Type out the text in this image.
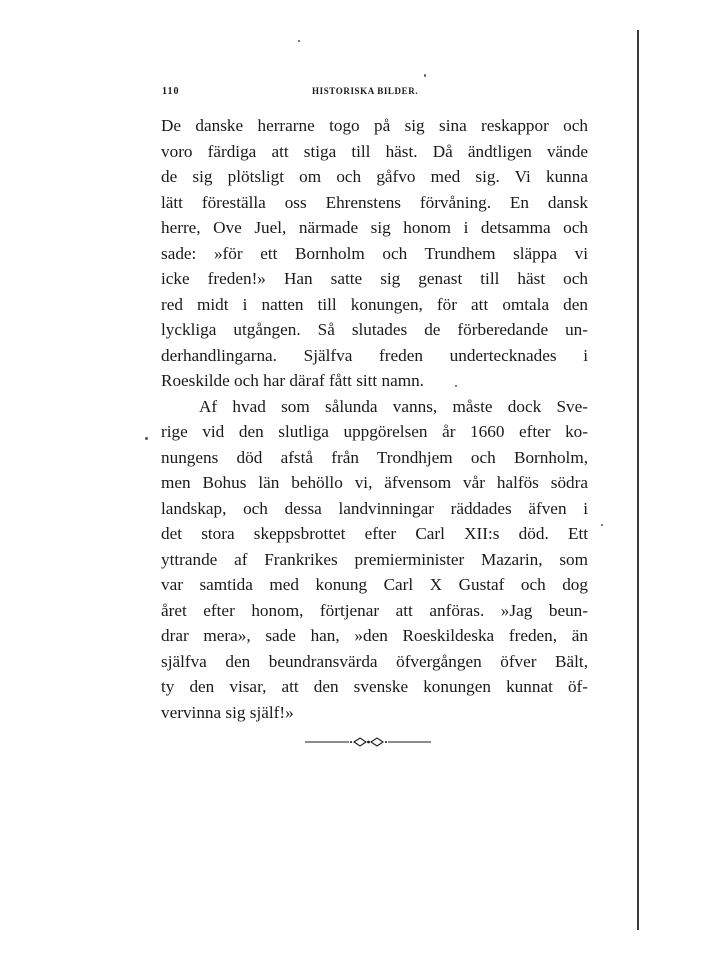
110	HISTORISKA BILDER.
De danske herrarne togo på sig sina reskappor och
voro färdiga att stiga till häst. Då ändtligen vände
de sig plötsligt om och gåfvo med sig. Vi kunna
lätt föreställa oss Ehrenstens förvåning. En dansk
herre, Ove Juel, närmade sig honom i detsamma och
sade: »för ett Bornholm och Trundhem släppa vi
icke freden!» Han satte sig genast till häst och
red midt i natten till konungen, för att omtala den
lyckliga utgången. Så slutades de förberedande un-
derhandlingarna. Själfva freden undertecknades i
Roeskilde och har däraf fått sitt namn.
Af hvad som sålunda vanns, måste dock Sve-
rige vid den slutliga uppgörelsen år 1660 efter ko-
nungens död afstå från Trondhjem och Bornholm,
men Bohus län behöllo vi, äfvensom vår halfös södra
landskap, och dessa landvinningar räddades äfven i
det stora skeppsbrottet efter Carl XII:s död. Ett
yttrande af Frankrikes premierminister Mazarin, som
var samtida med konung Carl X Gustaf och dog
året efter honom, förtjenar att anföras. »Jag beun-
drar mera», sade han, »den Roeskildeska freden, än
själfva den beundransvärda öfvergången öfver Bält,
ty den visar, att den svenske konungen kunnat öf-
vervinna sig själf!»
